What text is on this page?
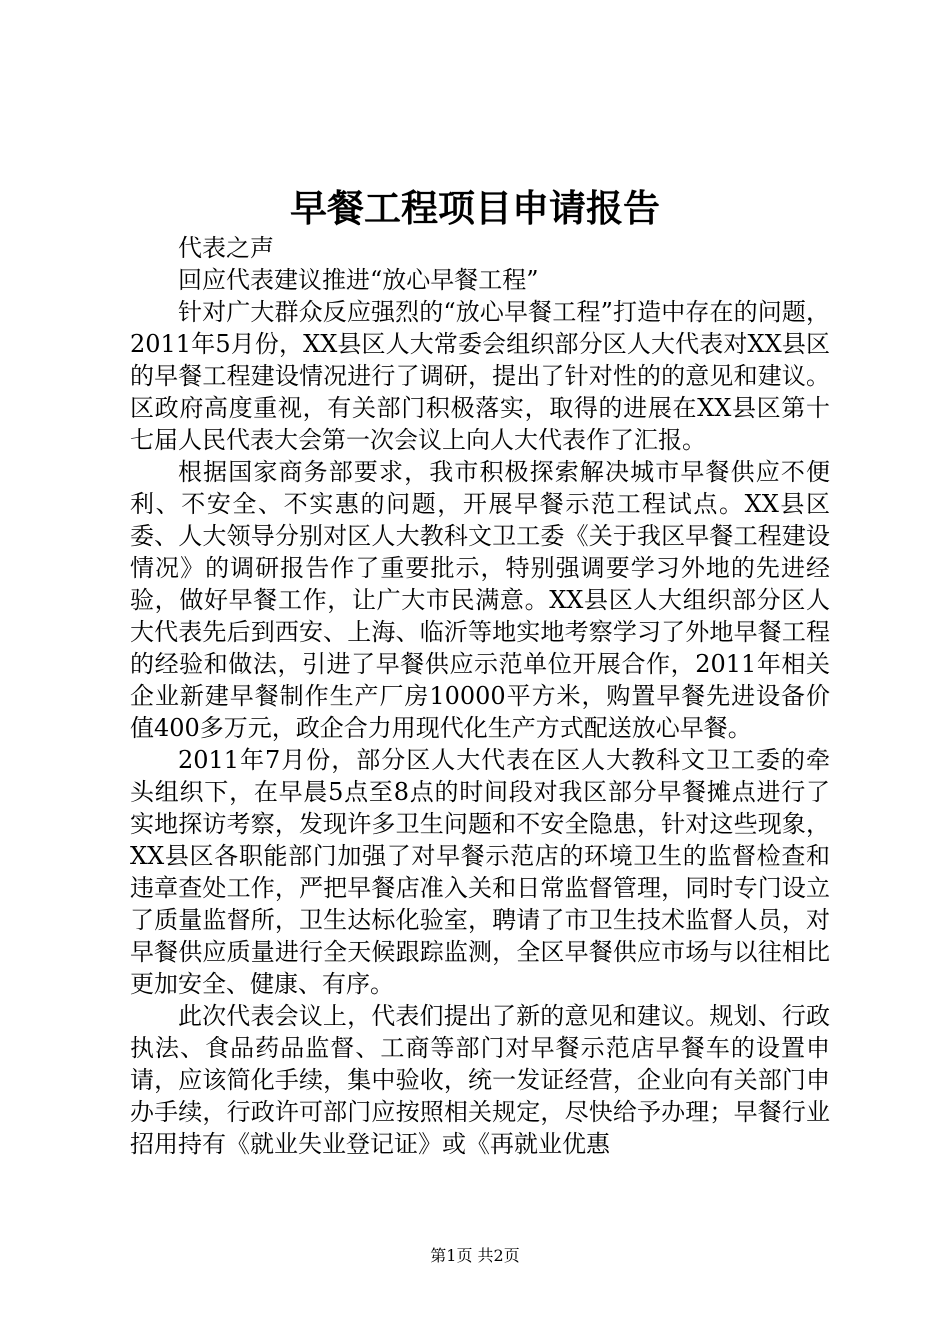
早餐工程项目申请报告

代表之声

回应代表建议推进“放心早餐工程”

针对广大群众反应强烈的“放心早餐工程”打造中存在的问题，2011年5月份，XX县区人大常委会组织部分区人大代表对XX县区的早餐工程建设情况进行了调研，提出了针对性的的意见和建议。区政府高度重视，有关部门积极落实，取得的进展在XX县区第十七届人民代表大会第一次会议上向人大代表作了汇报。

根据国家商务部要求，我市积极探索解决城市早餐供应不便利、不安全、不实惠的问题，开展早餐示范工程试点。XX县区委、人大领导分别对区人大教科文卫工委《关于我区早餐工程建设情况》的调研报告作了重要批示，特别强调要学习外地的先进经验，做好早餐工作，让广大市民满意。XX县区人大组织部分区人大代表先后到西安、上海、临沂等地实地考察学习了外地早餐工程的经验和做法，引进了早餐供应示范单位开展合作，2011年相关企业新建早餐制作生产厂房10000平方米，购置早餐先进设备价值400多万元，政企合力用现代化生产方式配送放心早餐。

2011年7月份，部分区人大代表在区人大教科文卫工委的牵头组织下，在早晨5点至8点的时间段对我区部分早餐摊点进行了实地探访考察，发现许多卫生问题和不安全隐患，针对这些现象，XX县区各职能部门加强了对早餐示范店的环境卫生的监督检查和违章查处工作，严把早餐店准入关和日常监督管理，同时专门设立了质量监督所，卫生达标化验室，聘请了市卫生技术监督人员，对早餐供应质量进行全天候跟踪监测，全区早餐供应市场与以往相比更加安全、健康、有序。

此次代表会议上，代表们提出了新的意见和建议。规划、行政执法、食品药品监督、工商等部门对早餐示范店早餐车的设置申请，应该简化手续，集中验收，统一发证经营，企业向有关部门申办手续，行政许可部门应按照相关规定，尽快给予办理；早餐行业招用持有《就业失业登记证》或《再就业优惠

第1页 共2页
